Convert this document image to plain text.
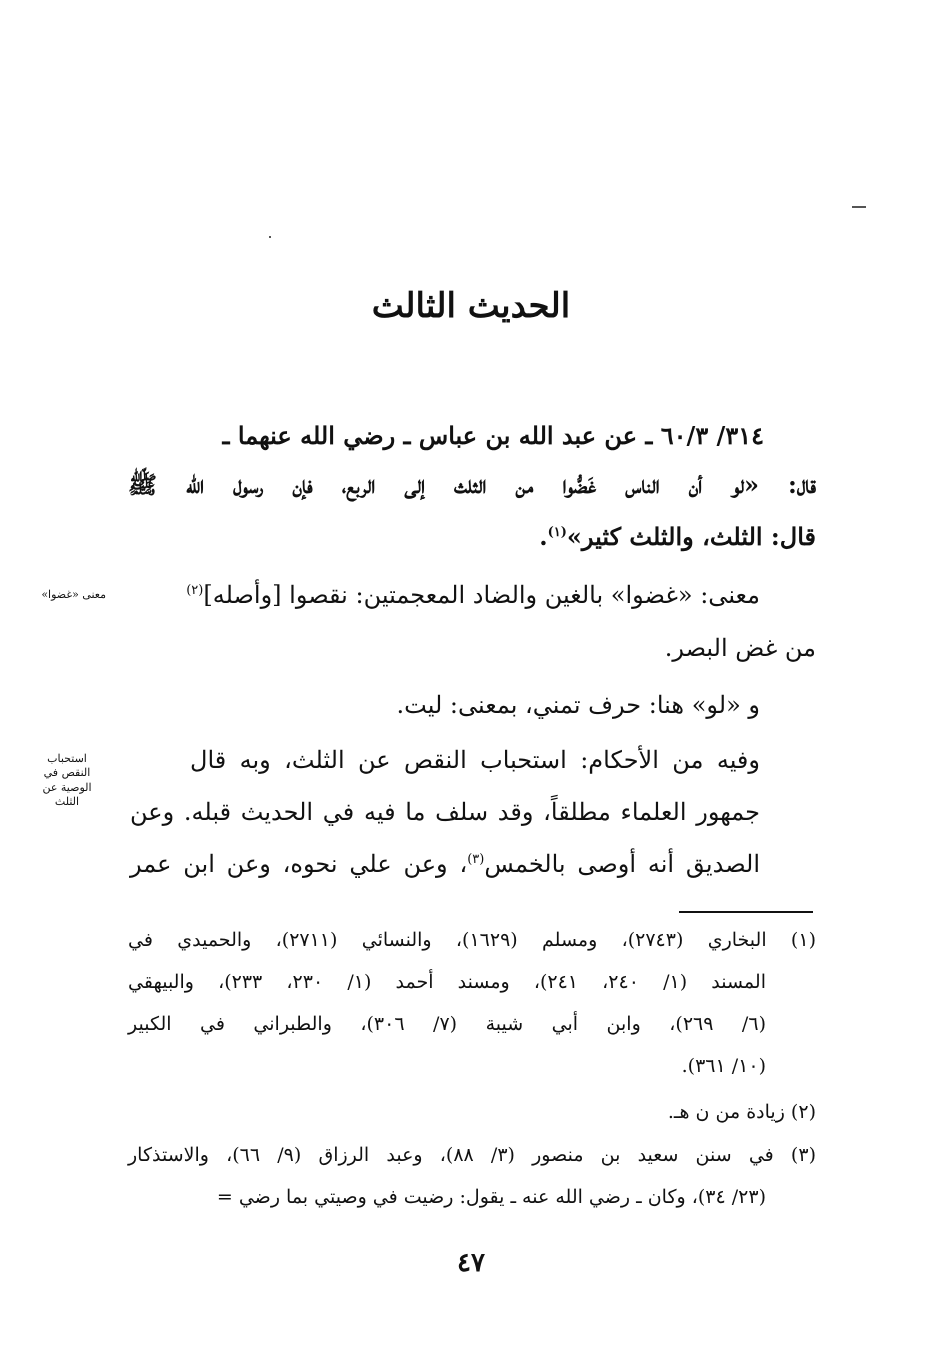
الحديث الثالث
٣١٤/ ٦٠/٣ ـ عن عبد الله بن عباس ـ رضي الله عنهما ـ
قال: «لو أن الناس غَضُّوا من الثلث إلى الربع، فإن رسول الله ﷺ
قال: الثلث، والثلث كثير»$^{(١)}$.
معنى: «غضوا» بالغين والضاد المعجمتين: نقصوا [وأصله]$^{(٢)}$
معنى «غضوا»
من غض البصر.
و «لو» هنا: حرف تمني، بمعنى: ليت.
وفيه من الأحكام: استحباب النقص عن الثلث، وبه قال
جمهور العلماء مطلقاً، وقد سلف ما فيه في الحديث قبله. وعن
الصديق أنه أوصى بالخمس$^{(٣)}$، وعن علي نحوه، وعن ابن عمر
استحباب
النقص في
الوصية عن
الثلث
(١) البخاري (٢٧٤٣)، ومسلم (١٦٢٩)، والنسائي (٢٧١١)، والحميدي في
المسند (١/ ٢٤٠، ٢٤١)، ومسند أحمد (١/ ٢٣٠، ٢٣٣)، والبيهقي
(٦/ ٢٦٩)، وابن أبي شيبة (٧/ ٣٠٦)، والطبراني في الكبير
(١٠/ ٣٦١).
(٢) زيادة من ن هـ.
(٣) في سنن سعيد بن منصور (٣/ ٨٨)، وعبد الرزاق (٩/ ٦٦)، والاستذكار
(٢٣/ ٣٤)، وكان ـ رضي الله عنه ـ يقول: رضيت في وصيتي بما رضي =
٤٧
